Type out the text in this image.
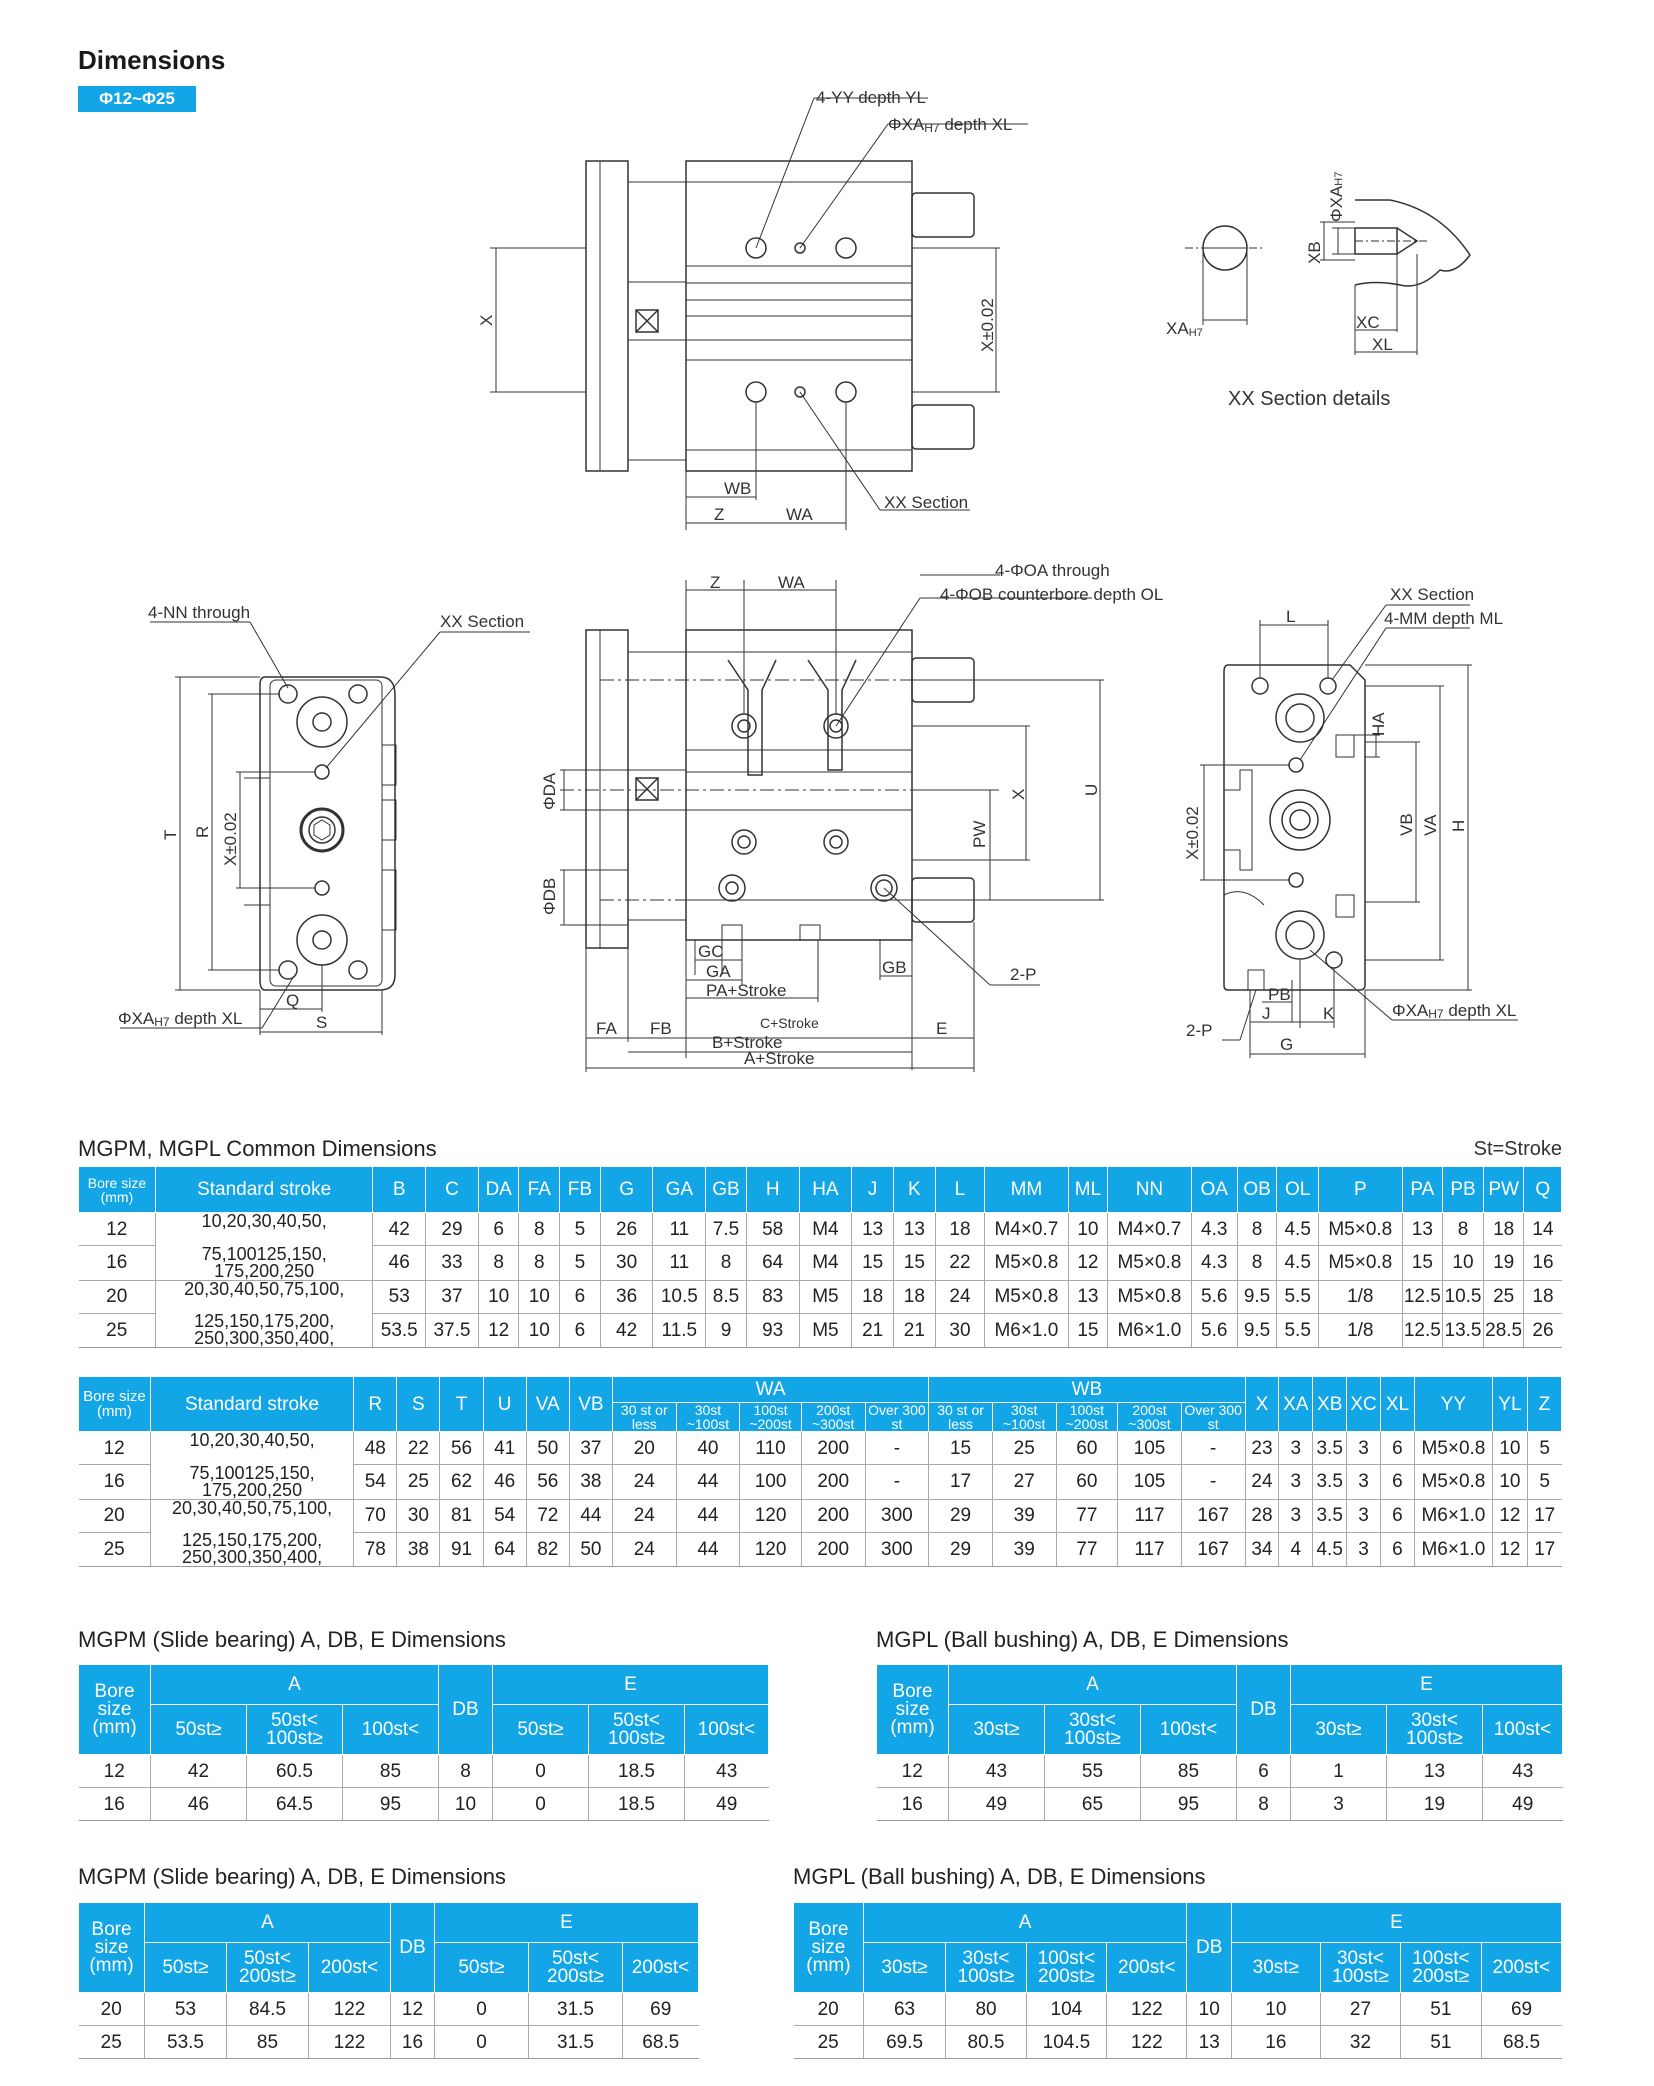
Dimensions
Φ12~Φ25	4-YY depth YL
ΦXAH7 depth XL
X	X±0.02
WB
Z	WA
XX Section
XAH7
XB
ΦXAH7
XC
XL
XX Section details
4-NN through	XX Section
T R X±0.02
Q
S
ΦXAH7 depth XL
4-ΦOA through
4-ΦOB counterbore depth OL
Z	WA
ΦDA
ΦDB
PW
X	U
GC
GA
PA+Stroke
GB	2-P
FA FB	C+Stroke	E
B+Stroke
A+Stroke
XX Section
4-MM depth ML
L
HA
VB VA H
X±0.02
PB
J	K
G
2-P
ΦXAH7 depth XL
MGPM, MGPL Common Dimensions	St=Stroke
Bore size (mm)	Standard stroke	B	C	DA	FA	FB	G	GA	GB	H	HA	J	K	L	MM	ML	NN	OA	OB	OL	P	PA	PB	PW	Q
12	10,20,30,40,50,	42	29	6	8	5	26	11	7.5	58	M4	13	13	18	M4×0.7	10	M4×0.7	4.3	8	4.5	M5×0.8	13	8	18	14
16	75,100125,150,
175,200,250	46	33	8	8	5	30	11	8	64	M4	15	15	22	M5×0.8	12	M5×0.8	4.3	8	4.5	M5×0.8	15	10	19	16
20	20,30,40,50,75,100,	53	37	10	10	6	36	10.5	8.5	83	M5	18	18	24	M5×0.8	13	M5×0.8	5.6	9.5	5.5	1/8	12.5	10.5	25	18
25	125,150,175,200,
250,300,350,400,	53.5	37.5	12	10	6	42	11.5	9	93	M5	21	21	30	M6×1.0	15	M6×1.0	5.6	9.5	5.5	1/8	12.5	13.5	28.5	26
Bore size (mm)	Standard stroke	R	S	T	U	VA	VB	WA					WB					X	XA	XB	XC	XL	YY	YL	Z
								30 st or less	30st ~100st	100st ~200st	200st ~300st	Over 300 st	30 st or less	30st ~100st	100st ~200st	200st ~300st	Over 300 st								
12	10,20,30,40,50,	48	22	56	41	50	37	20	40	110	200	-	15	25	60	105	-	23	3	3.5	3	6	M5×0.8	10	5
16	75,100125,150,
175,200,250	54	25	62	46	56	38	24	44	100	200	-	17	27	60	105	-	24	3	3.5	3	6	M5×0.8	10	5
20	20,30,40,50,75,100,	70	30	81	54	72	44	24	44	120	200	300	29	39	77	117	167	28	3	3.5	3	6	M6×1.0	12	17
25	125,150,175,200,
250,300,350,400,	78	38	91	64	82	50	24	44	120	200	300	29	39	77	117	167	34	4	4.5	3	6	M6×1.0	12	17
MGPM (Slide bearing) A, DB, E Dimensions
Bore size (mm)	A			DB	E		
	50st≥	50st< 100st≥	100st<		50st≥	50st< 100st≥	100st<
12	42	60.5	85	8	0	18.5	43
16	46	64.5	95	10	0	18.5	49
MGPL (Ball bushing) A, DB, E Dimensions
Bore size (mm)	A			DB	E		
	30st≥	30st< 100st≥	100st<		30st≥	30st< 100st≥	100st<
12	43	55	85	6	1	13	43
16	49	65	95	8	3	19	49
MGPM (Slide bearing) A, DB, E Dimensions
Bore size (mm)	A			DB	E		
	50st≥	50st< 200st≥	200st<		50st≥	50st< 200st≥	200st<
20	53	84.5	122	12	0	31.5	69
25	53.5	85	122	16	0	31.5	68.5
MGPL (Ball bushing) A, DB, E Dimensions
Bore size (mm)	A				DB	E			
	30st≥	30st< 100st≥	100st< 200st≥	200st<		30st≥	30st< 100st≥	100st< 200st≥	200st<
20	63	80	104	122	10	10	27	51	69
25	69.5	80.5	104.5	122	13	16	32	51	68.5
